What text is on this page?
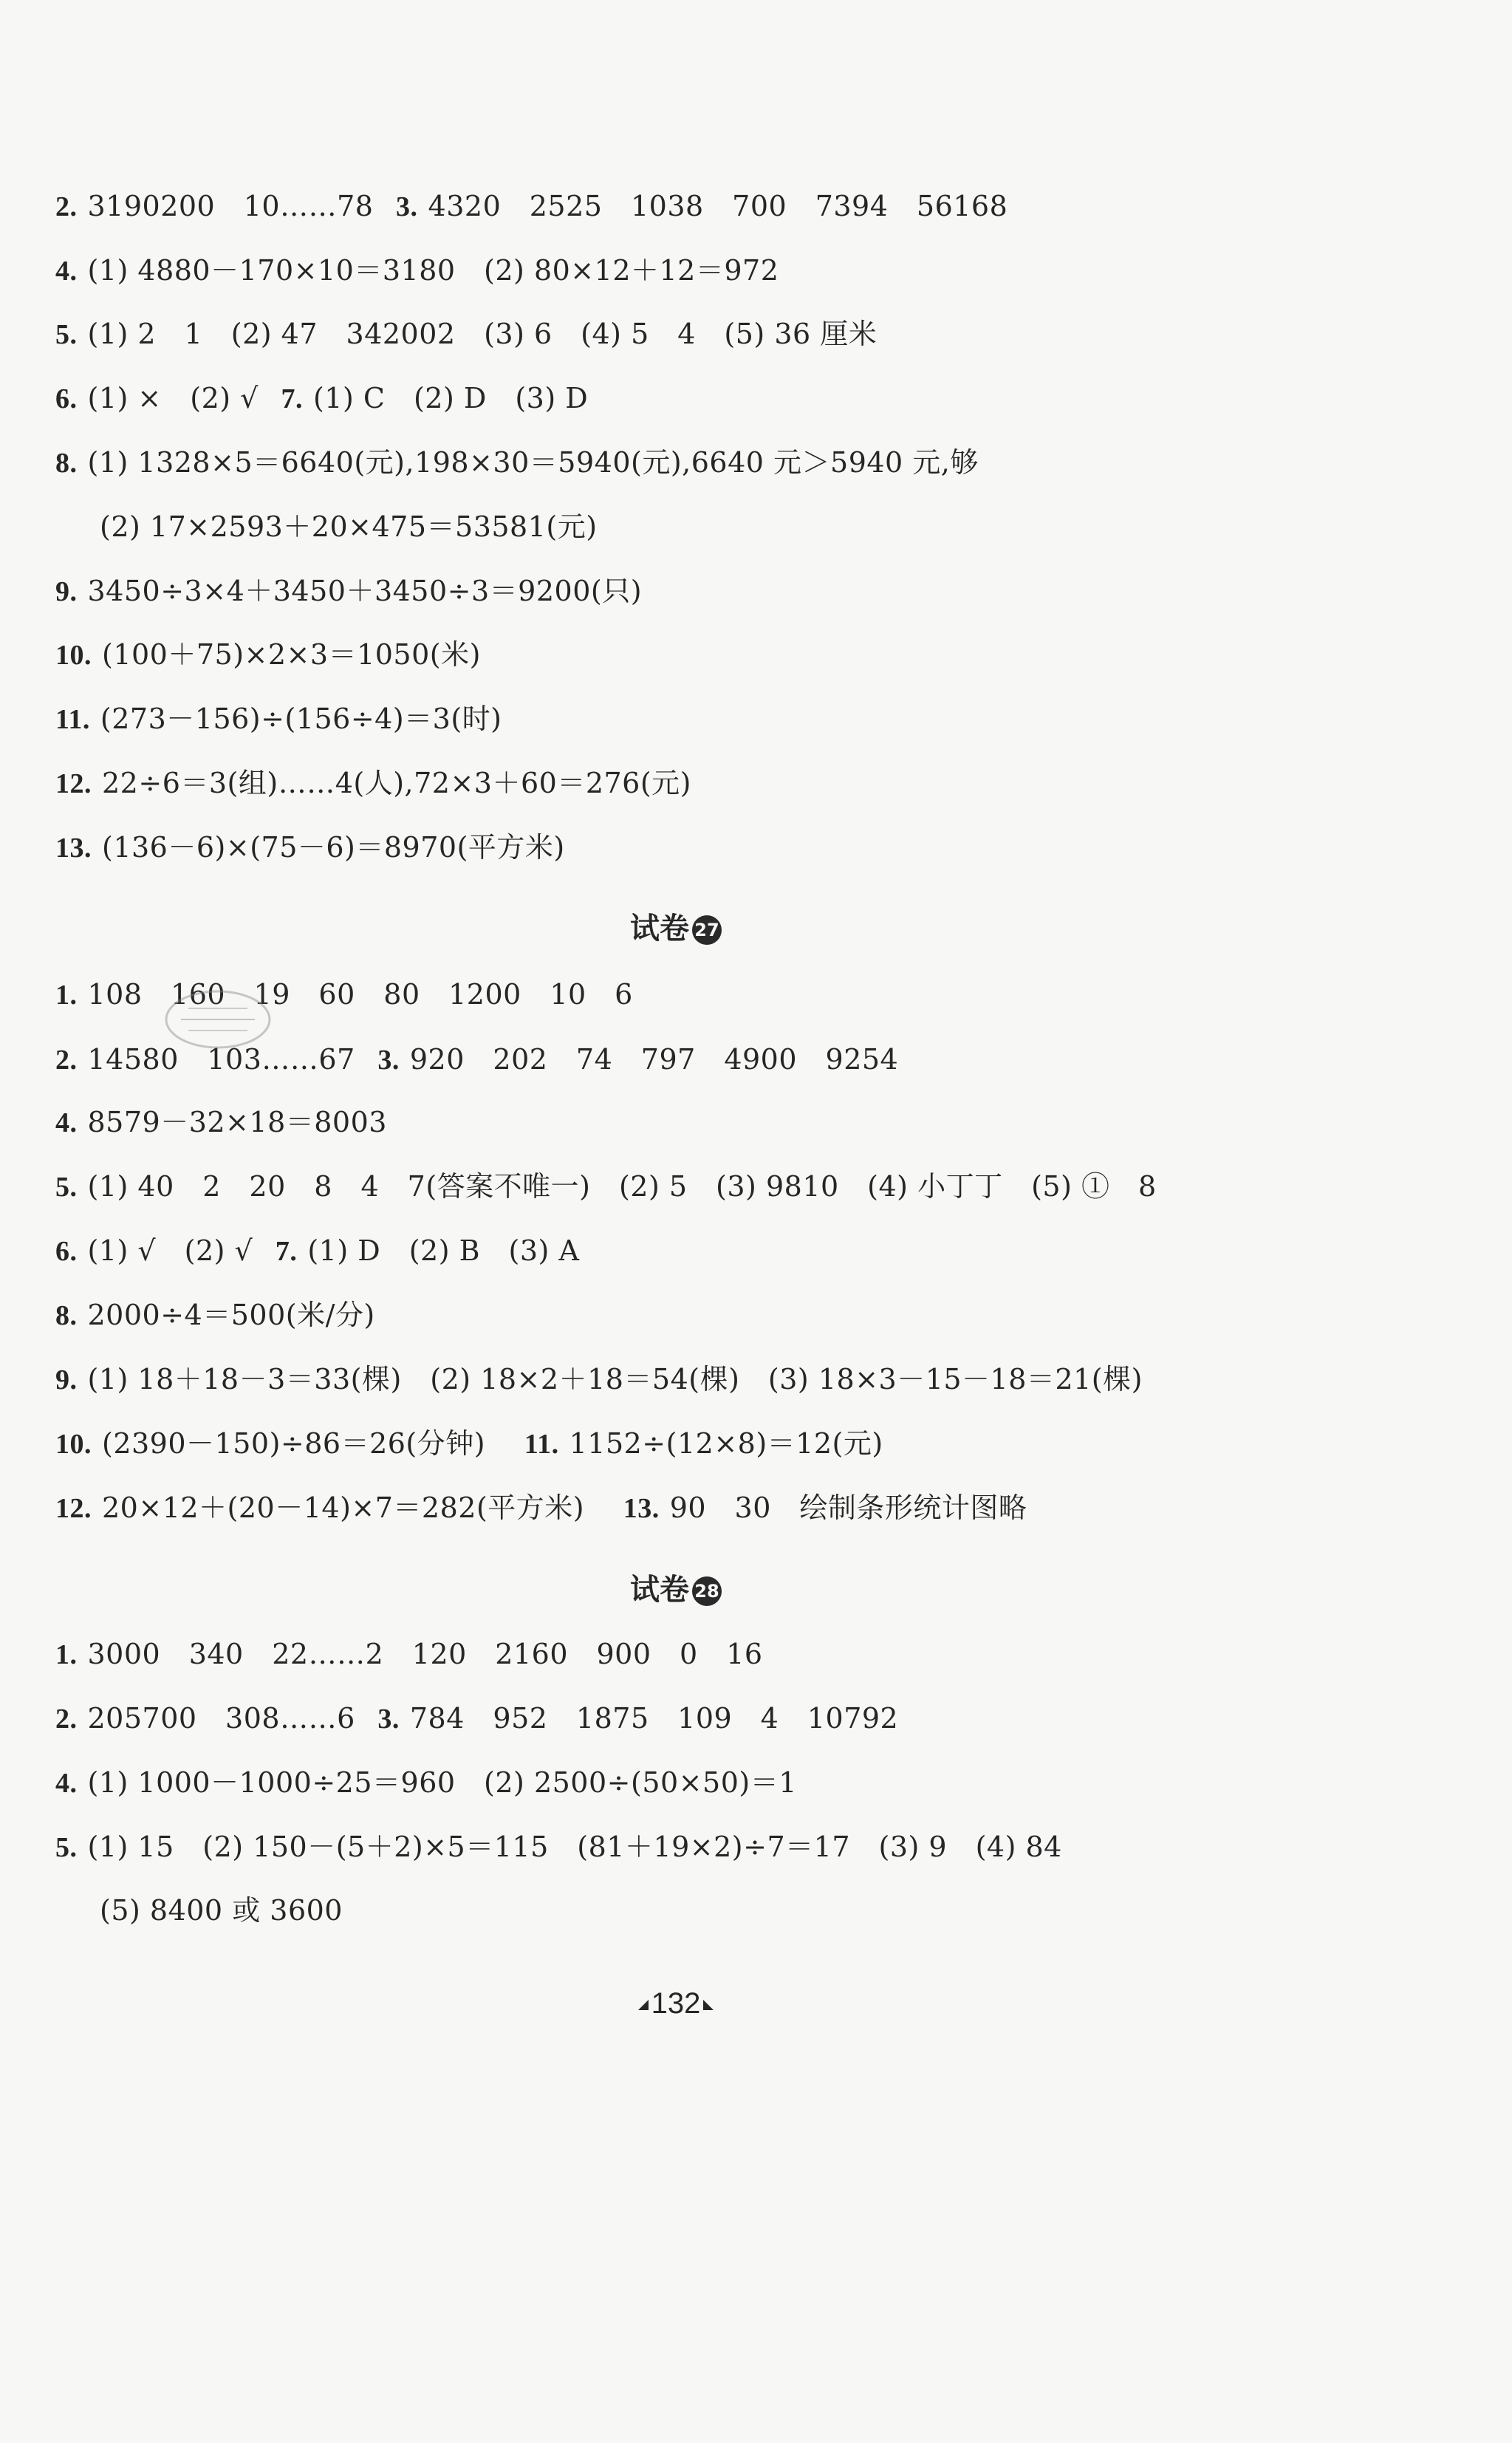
2. 3190200　10……78 3. 4320　2525　1038　700　7394　56168
4. (1) 4880－170×10＝3180　(2) 80×12＋12＝972
5. (1) 2　1　(2) 47　342002　(3) 6　(4) 5　4　(5) 36 厘米
6. (1) ×　(2) √ 7. (1) C　(2) D　(3) D
8. (1) 1328×5＝6640(元),198×30＝5940(元),6640 元＞5940 元,够
(2) 17×2593＋20×475＝53581(元)
9. 3450÷3×4＋3450＋3450÷3＝9200(只)
10. (100＋75)×2×3＝1050(米)
11. (273－156)÷(156÷4)＝3(时)
12. 22÷6＝3(组)……4(人),72×3＋60＝276(元)
13. (136－6)×(75－6)＝8970(平方米)
试卷 27
1. 108　160　19　60　80　1200　10　6
2. 14580　103……67 3. 920　202　74　797　4900　9254
4. 8579－32×18＝8003
5. (1) 40　2　20　8　4　7(答案不唯一)　(2) 5　(3) 9810　(4) 小丁丁　(5) ①　8
6. (1) √　(2) √ 7. (1) D　(2) B　(3) A
8. 2000÷4＝500(米/分)
9. (1) 18＋18－3＝33(棵)　(2) 18×2＋18＝54(棵)　(3) 18×3－15－18＝21(棵)
10. (2390－150)÷86＝26(分钟) 11. 1152÷(12×8)＝12(元)
12. 20×12＋(20－14)×7＝282(平方米) 13. 90　30　绘制条形统计图略
试卷 28
1. 3000　340　22……2　120　2160　900　0　16
2. 205700　308……6 3. 784　952　1875　109　4　10792
4. (1) 1000－1000÷25＝960　(2) 2500÷(50×50)＝1
5. (1) 15　(2) 150－(5＋2)×5＝115　(81＋19×2)÷7＝17　(3) 9　(4) 84
(5) 8400 或 3600
132
